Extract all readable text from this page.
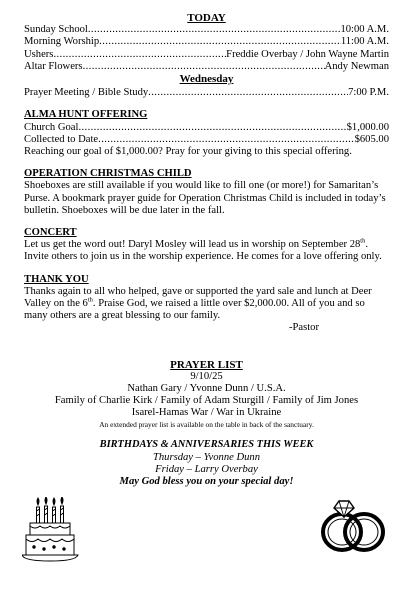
TODAY
Sunday School .....	10:00 A.M.
Morning Worship .....	11:00 A.M.
Ushers .....	Freddie Overbay / John Wayne Martin
Altar Flowers .....	Andy Newman
Wednesday
Prayer Meeting / Bible Study .....	7:00 P.M.
ALMA HUNT OFFERING
Church Goal .....	$1,000.00
Collected to Date .....	$605.00

Reaching our goal of $1,000.00? Pray for your giving to this special offering.

OPERATION CHRISTMAS CHILD

Shoeboxes are still available if you would like to fill one (or more!) for Samaritan’s Purse. A bookmark prayer guide for Operation Christmas Child is included in today’s bulletin. Shoeboxes will be due later in the fall.

CONCERT

Let us get the word out! Daryl Mosley will lead us in worship on September 28th. Invite others to join us in the worship experience. He comes for a love offering only.

THANK YOU

Thanks again to all who helped, gave or supported the yard sale and lunch at Deer Valley on the 6th. Praise God, we raised a little over $2,000.00. All of you and so many others are a great blessing to our family.

-Pastor

PRAYER LIST

9/10/25

Nathan Gary / Yvonne Dunn / U.S.A.

Family of Charlie Kirk / Family of Adam Sturgill / Family of Jim Jones

Isarel-Hamas War / War in Ukraine

An extended prayer list is available on the table in back of the sanctuary.

BIRTHDAYS & ANNIVERSARIES THIS WEEK

Thursday – Yvonne Dunn

Friday – Larry Overbay

May God bless you on your special day!
